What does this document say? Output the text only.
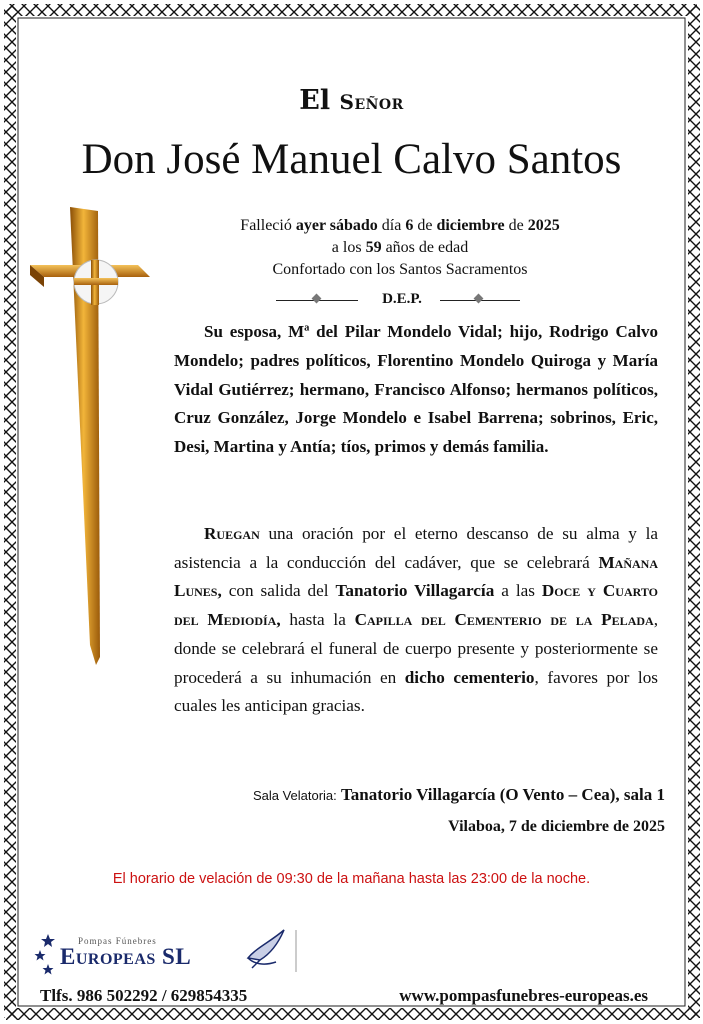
El Señor
Don José Manuel Calvo Santos
Falleció ayer sábado día 6 de diciembre de 2025
a los 59 años de edad
Confortado con los Santos Sacramentos
D.E.P.
Su esposa, Mª del Pilar Mondelo Vidal; hijo, Rodrigo Calvo Mondelo; padres políticos, Florentino Mondelo Quiroga y María Vidal Gutiérrez; hermano, Francisco Alfonso; hermanos políticos, Cruz González, Jorge Mondelo e Isabel Barrena; sobrinos, Eric, Desi, Martina y Antía; tíos, primos y demás familia.
Ruegan una oración por el eterno descanso de su alma y la asistencia a la conducción del cadáver, que se celebrará Mañana Lunes, con salida del Tanatorio Villagarcía a las Doce y Cuarto del Mediodía, hasta la Capilla del Cementerio de la Pelada, donde se celebrará el funeral de cuerpo presente y posteriormente se procederá a su inhumación en dicho cementerio, favores por los cuales les anticipan gracias.
Sala Velatoria: Tanatorio Villagarcía (O Vento – Cea), sala 1
Vilaboa, 7 de diciembre de 2025
El horario de velación de 09:30 de la mañana hasta las 23:00 de la noche.
Pompas Fúnebres
Europeas SL
Tlfs. 986 502292 / 629854335	www.pompasfunebres-europeas.es
